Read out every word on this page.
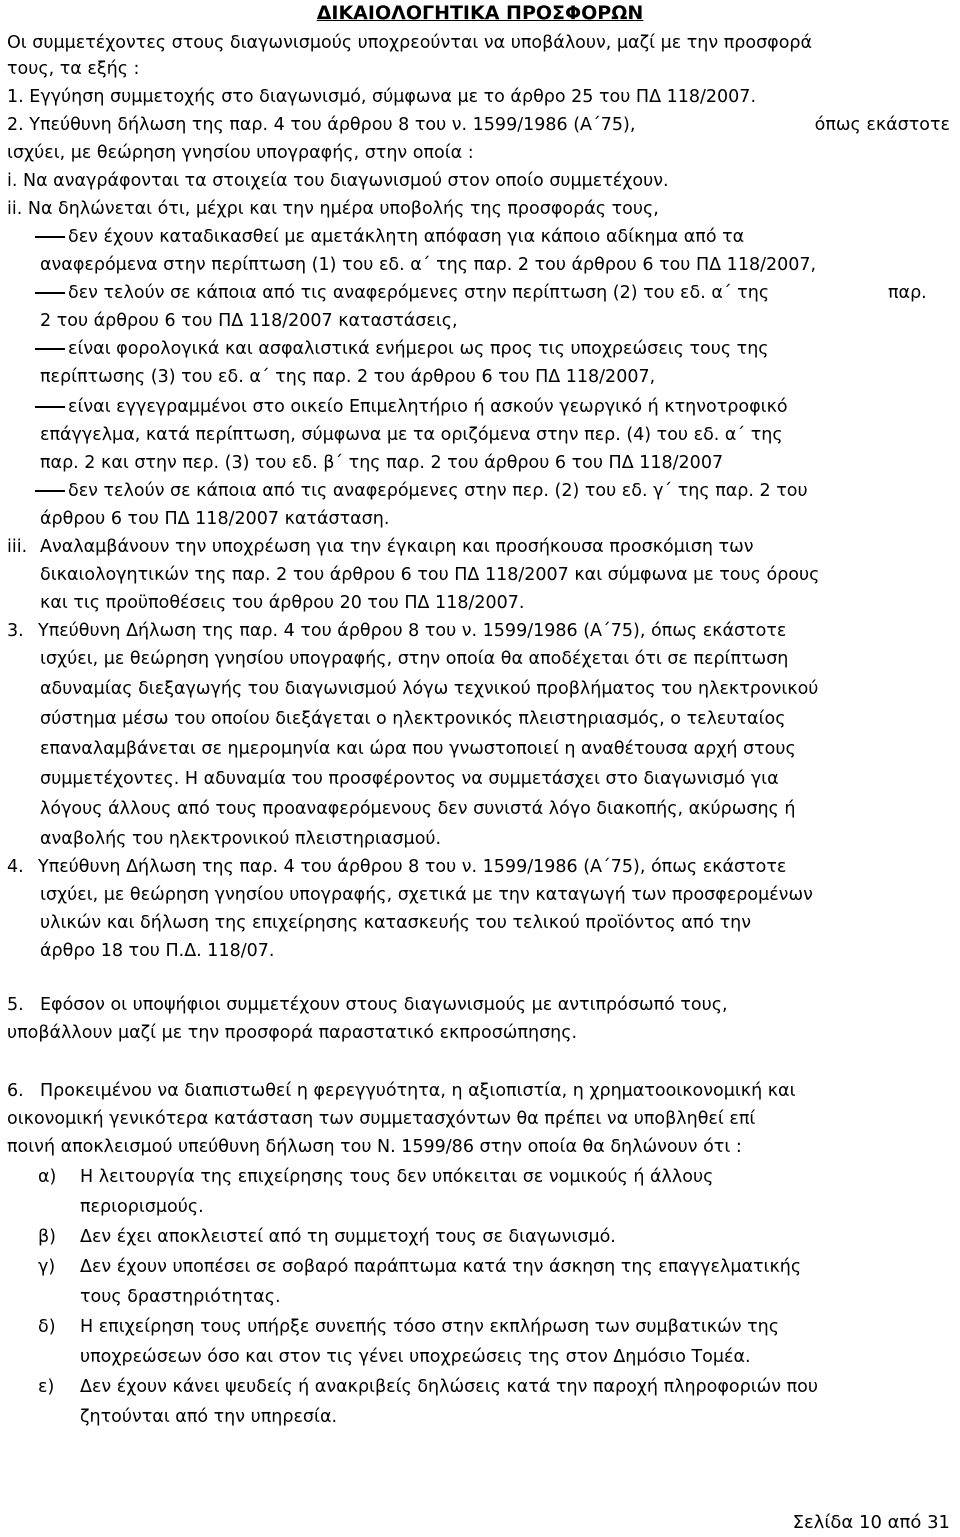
ΔΙΚΑΙΟΛΟΓΗΤΙΚΑ ΠΡΟΣΦΟΡΩΝ
Οι συμμετέχοντες στους διαγωνισμούς υποχρεούνται να υποβάλουν, μαζί με την προσφορά
τους, τα εξής :
1. Εγγύηση συμμετοχής στο διαγωνισμό, σύμφωνα με το άρθρο 25 του ΠΔ 118/2007.
2. Υπεύθυνη δήλωση της παρ. 4 του άρθρου 8 του ν. 1599/1986 (Α΄75),	όπως εκάστοτε
ισχύει, με θεώρηση γνησίου υπογραφής, στην οποία :
i. Να αναγράφονται τα στοιχεία του διαγωνισμού στον οποίο συμμετέχουν.
ii. Να δηλώνεται ότι, μέχρι και την ημέρα υποβολής της προσφοράς τους,
δεν έχουν καταδικασθεί με αμετάκλητη απόφαση για κάποιο αδίκημα από τα
αναφερόμενα στην περίπτωση (1) του εδ. α΄ της παρ. 2 του άρθρου 6 του ΠΔ 118/2007,
δεν τελούν σε κάποια από τις αναφερόμενες στην περίπτωση (2) του εδ. α΄ της	παρ.
2 του άρθρου 6 του ΠΔ 118/2007 καταστάσεις,
είναι φορολογικά και ασφαλιστικά ενήμεροι ως προς τις υποχρεώσεις τους της
περίπτωσης (3) του εδ. α΄ της παρ. 2 του άρθρου 6 του ΠΔ 118/2007,
είναι εγγεγραμμένοι στο οικείο Επιμελητήριο ή ασκούν γεωργικό ή κτηνοτροφικό
επάγγελμα, κατά περίπτωση, σύμφωνα με τα οριζόμενα στην περ. (4) του εδ. α΄ της
παρ. 2 και στην περ. (3) του εδ. β΄ της παρ. 2 του άρθρου 6 του ΠΔ 118/2007
δεν τελούν σε κάποια από τις αναφερόμενες στην περ. (2) του εδ. γ΄ της παρ. 2 του
άρθρου 6 του ΠΔ 118/2007 κατάσταση.
iii. Αναλαμβάνουν την υποχρέωση για την έγκαιρη και προσήκουσα προσκόμιση των
δικαιολογητικών της παρ. 2 του άρθρου 6 του ΠΔ 118/2007 και σύμφωνα με τους όρους
και τις προϋποθέσεις του άρθρου 20 του ΠΔ 118/2007.
3.
ισχύει, με θεώρηση γνησίου υπογραφής, στην οποία θα αποδέχεται ότι σε περίπτωση
Υπεύθυνη Δήλωση της παρ. 4 του άρθρου 8 του ν. 1599/1986 (Α΄75), όπως εκάστοτε
αδυναμίας διεξαγωγής του διαγωνισμού λόγω τεχνικού προβλήματος του ηλεκτρονικού
σύστημα μέσω του οποίου διεξάγεται ο ηλεκτρονικός πλειστηριασμός, ο τελευταίος
επαναλαμβάνεται σε ημερομηνία και ώρα που γνωστοποιεί η αναθέτουσα αρχή στους
συμμετέχοντες. Η αδυναμία του προσφέροντος να συμμετάσχει στο διαγωνισμό για
λόγους άλλους από τους προαναφερόμενους δεν συνιστά λόγο διακοπής, ακύρωσης ή
αναβολής του ηλεκτρονικού πλειστηριασμού.
4. Υπεύθυνη Δήλωση της παρ. 4 του άρθρου 8 του ν. 1599/1986 (Α΄75), όπως εκάστοτε
ισχύει, με θεώρηση γνησίου υπογραφής, σχετικά με την καταγωγή των προσφερομένων
υλικών και δήλωση της επιχείρησης κατασκευής του τελικού προϊόντος από την
άρθρο 18 του Π.Δ. 118/07.
5. Εφόσον οι υποψήφιοι συμμετέχουν στους διαγωνισμούς με αντιπρόσωπό τους,
υποβάλλουν μαζί με την προσφορά παραστατικό εκπροσώπησης.
6. Προκειμένου να διαπιστωθεί η φερεγγυότητα, η αξιοπιστία, η χρηματοοικονομική και
οικονομική γενικότερα κατάσταση των συμμετασχόντων θα πρέπει να υποβληθεί επί
ποινή αποκλεισμού υπεύθυνη δήλωση του Ν. 1599/86 στην οποία θα δηλώνουν ότι :
α) Η λειτουργία της επιχείρησης τους δεν υπόκειται σε νομικούς ή άλλους
περιορισμούς.
β) Δεν έχει αποκλειστεί από τη συμμετοχή τους σε διαγωνισμό.
γ) Δεν έχουν υποπέσει σε σοβαρό παράπτωμα κατά την άσκηση της επαγγελματικής
τους δραστηριότητας.
δ) Η επιχείρηση τους υπήρξε συνεπής τόσο στην εκπλήρωση των συμβατικών της
υποχρεώσεων όσο και στον τις γένει υποχρεώσεις της στον Δημόσιο Τομέα.
ε) Δεν έχουν κάνει ψευδείς ή ανακριβείς δηλώσεις κατά την παροχή πληροφοριών που
ζητούνται από την υπηρεσία.
Σελίδα 10 από 31
